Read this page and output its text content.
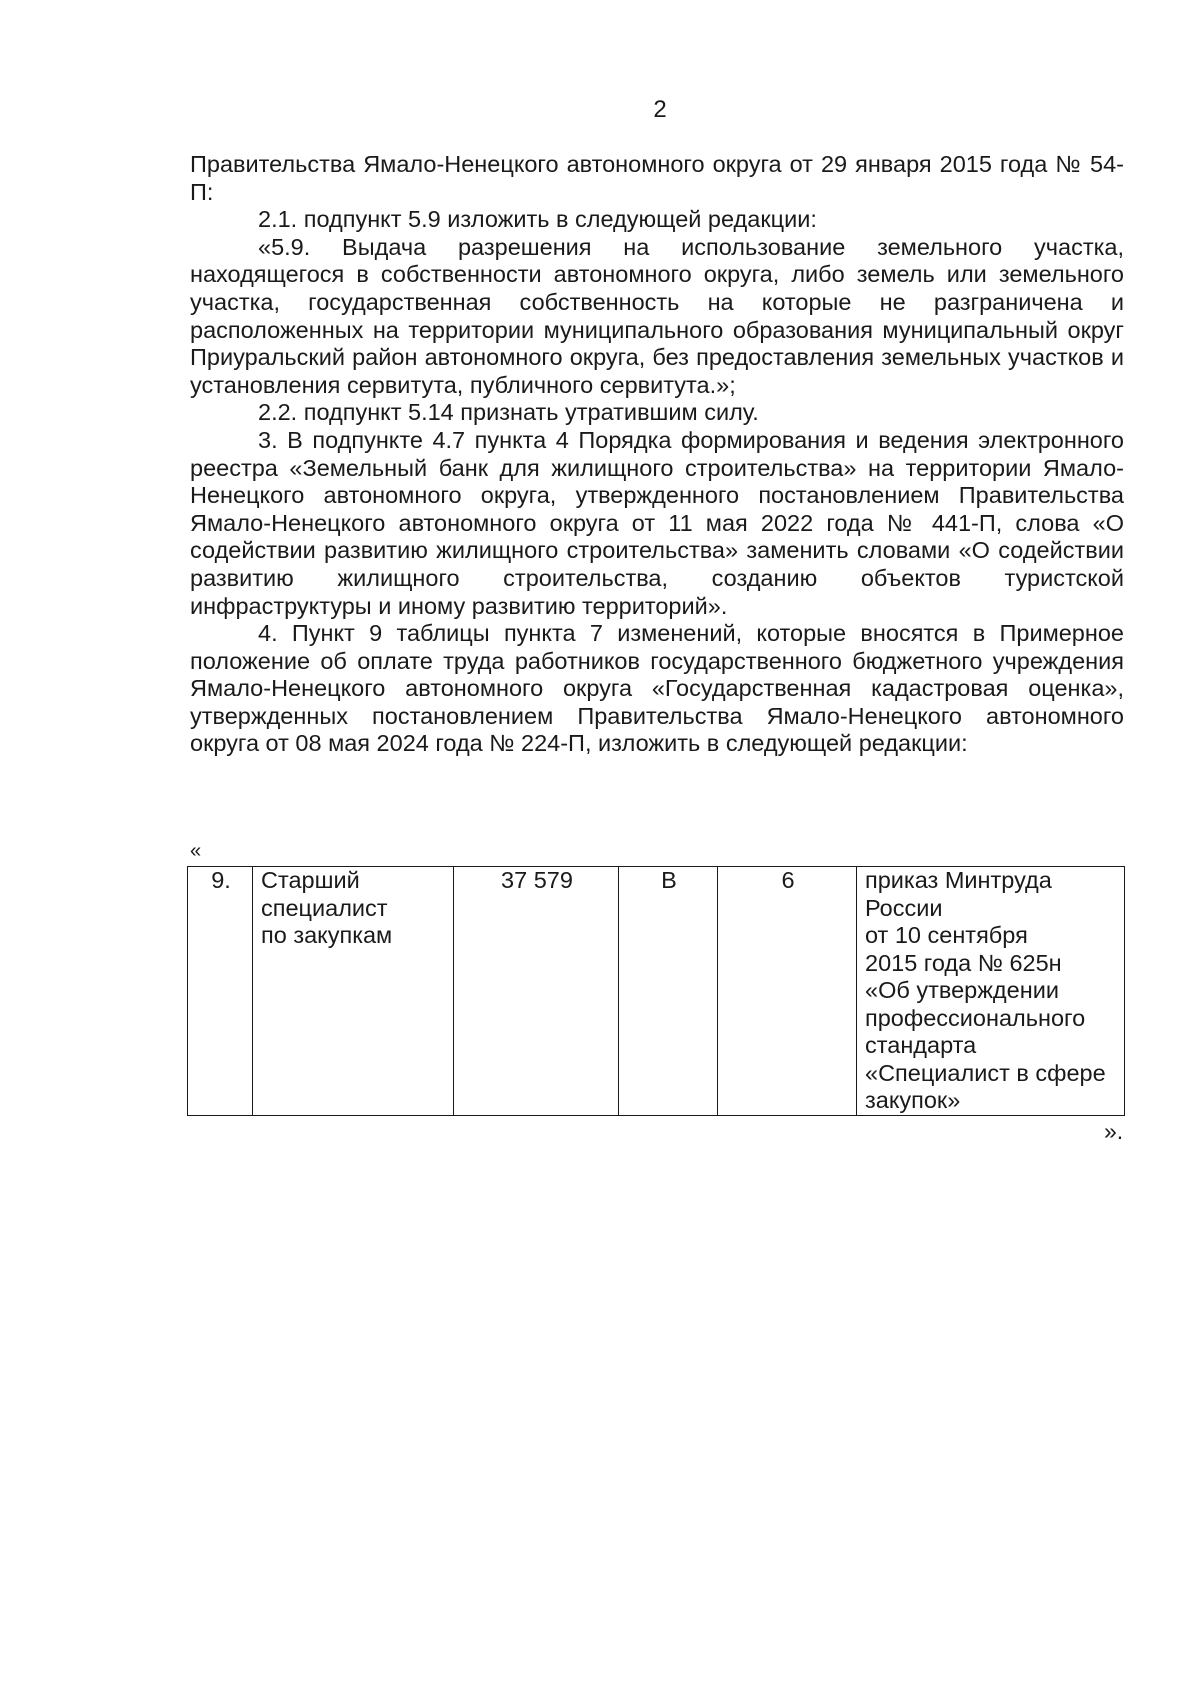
2

Правительства Ямало-Ненецкого автономного округа от 29 января 2015 года № 54-П:

2.1. подпункт 5.9 изложить в следующей редакции:

«5.9. Выдача разрешения на использование земельного участка, находящегося в собственности автономного округа, либо земель или земельного участка, государственная собственность на которые не разграничена и расположенных на территории муниципального образования муниципальный округ Приуральский район автономного округа, без предоставления земельных участков и установления сервитута, публичного сервитута.»;

2.2. подпункт 5.14 признать утратившим силу.

3. В подпункте 4.7 пункта 4 Порядка формирования и ведения электронного реестра «Земельный банк для жилищного строительства» на территории Ямало-Ненецкого автономного округа, утвержденного постановлением Правительства Ямало-Ненецкого автономного округа от 11 мая 2022 года № 441-П, слова «О содействии развитию жилищного строительства» заменить словами «О содействии развитию жилищного строительства, созданию объектов туристской инфраструктуры и иному развитию территорий».

4. Пункт 9 таблицы пункта 7 изменений, которые вносятся в Примерное положение об оплате труда работников государственного бюджетного учреждения Ямало-Ненецкого автономного округа «Государственная кадастровая оценка», утвержденных постановлением Правительства Ямало-Ненецкого автономного округа от 08 мая 2024 года № 224-П, изложить в следующей редакции:

«
9.	Старший
специалист
по закупкам
	37 579	В	6	приказ Минтруда
России
от 10 сентября
2015 года № 625н
«Об утверждении
профессионального
стандарта
«Специалист в сфере
закупок»
».
